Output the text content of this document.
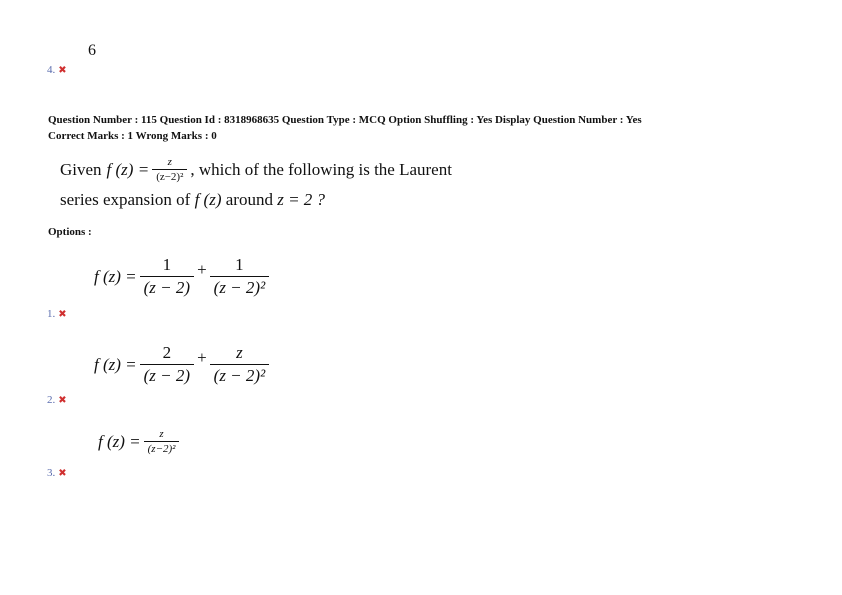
6
4. ✖
Question Number : 115 Question Id : 8318968635 Question Type : MCQ Option Shuffling : Yes Display Question Number : Yes
Correct Marks : 1 Wrong Marks : 0
Given f $(z) = \frac{z}{\text{(z−2)²}}$ , which of the following is the Laurent
series expansion of f (z) around z = 2 ?
Options :
f $(z) = \frac{1}{(z - 2)} + \frac{1}{\text{(z − 2)²}}$
1. ✖
f $(z) = \frac{2}{(z - 2)} + \frac{z}{\text{(z − 2)²}}$
2. ✖
f $(z) = \frac{z}{\text{(z−2)²}}$
3. ✖
